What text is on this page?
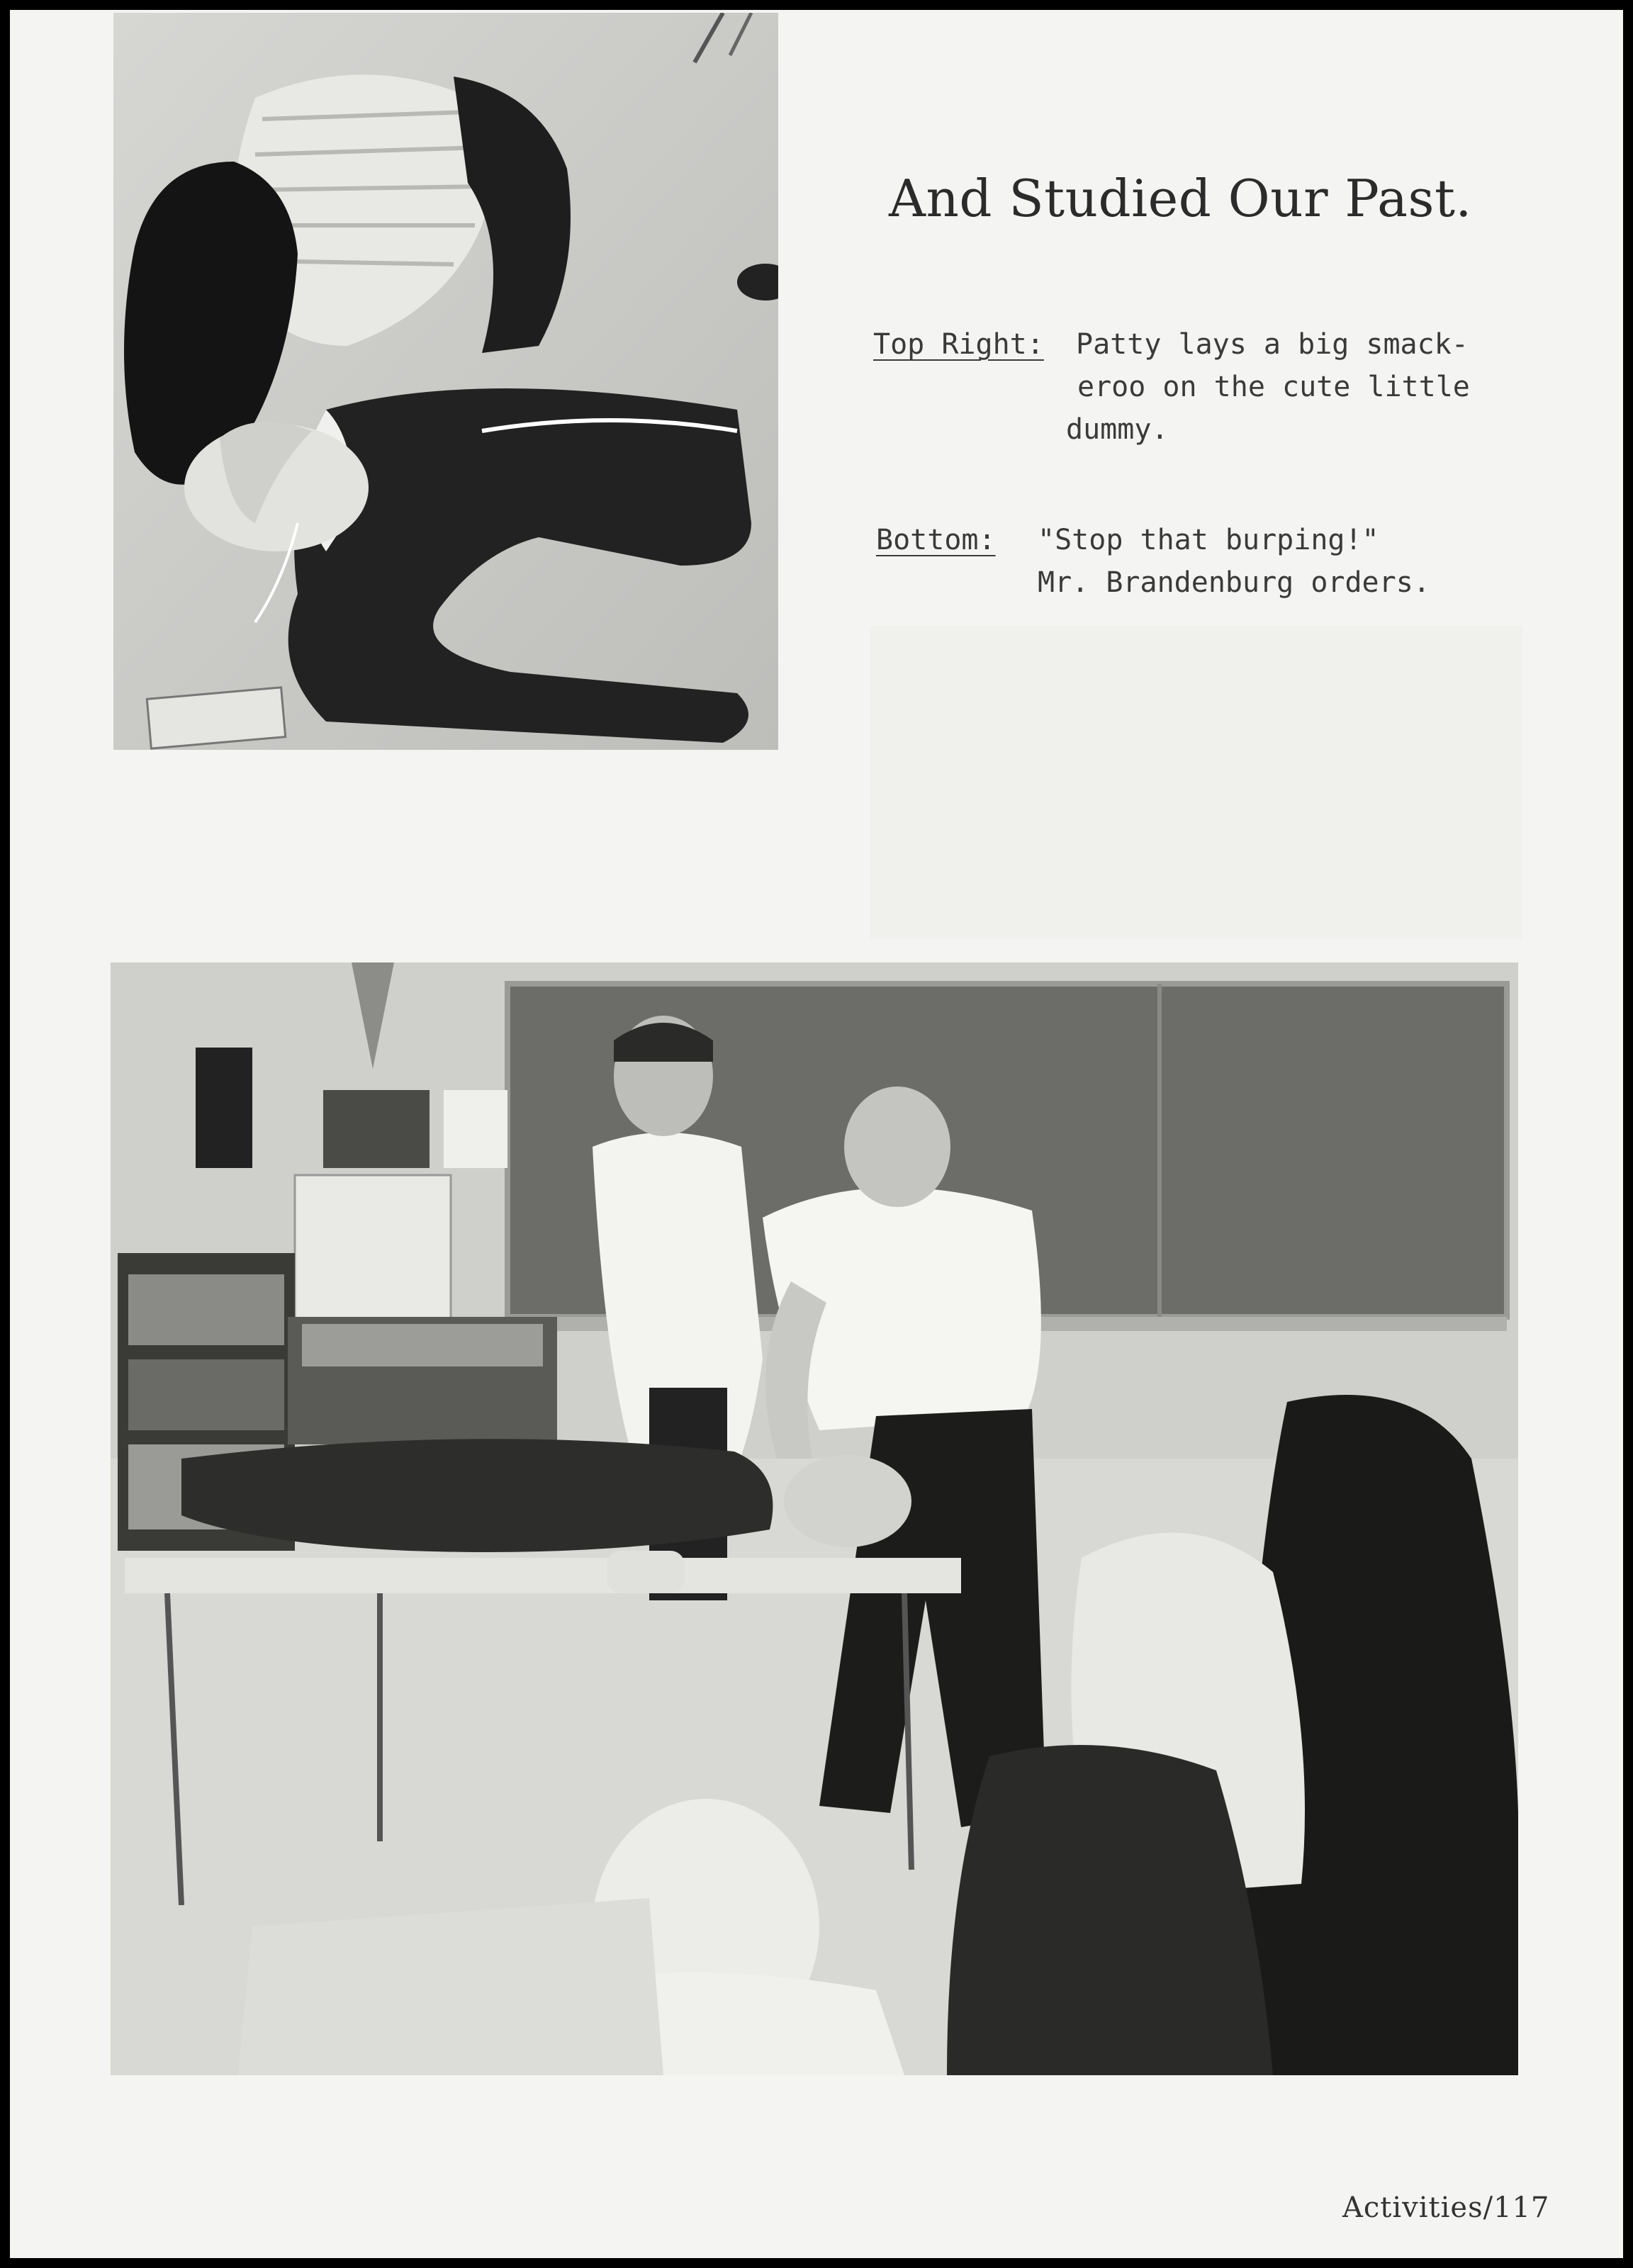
And Studied Our Past.
Top Right: Patty lays a big smack-
eroo on the cute little
dummy.
Bottom: "Stop that burping!"
Mr. Brandenburg orders.
Activities/117
